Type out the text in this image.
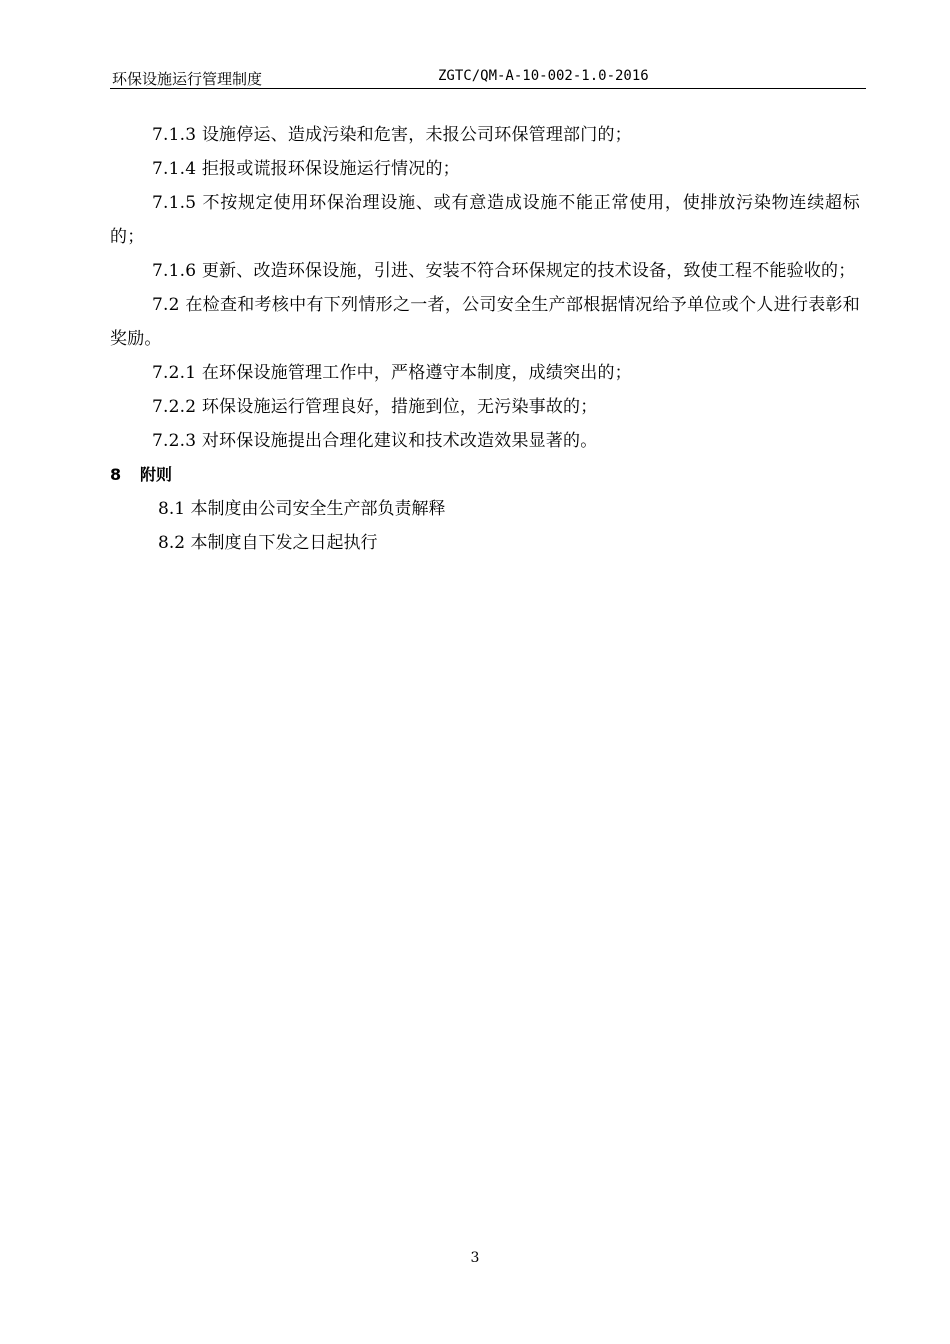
环保设施运行管理制度	ZGTC/QM-A-10-002-1.0-2016

7.1.3 设施停运、造成污染和危害，未报公司环保管理部门的；

7.1.4 拒报或谎报环保设施运行情况的；

7.1.5 不按规定使用环保治理设施、或有意造成设施不能正常使用，使排放污染物连续超标的；

7.1.6 更新、改造环保设施，引进、安装不符合环保规定的技术设备，致使工程不能验收的；

7.2 在检查和考核中有下列情形之一者，公司安全生产部根据情况给予单位或个人进行表彰和奖励。

7.2.1 在环保设施管理工作中，严格遵守本制度，成绩突出的；

7.2.2 环保设施运行管理良好，措施到位，无污染事故的；

7.2.3 对环保设施提出合理化建议和技术改造效果显著的。

8 附则

8.1 本制度由公司安全生产部负责解释

8.2 本制度自下发之日起执行

3
